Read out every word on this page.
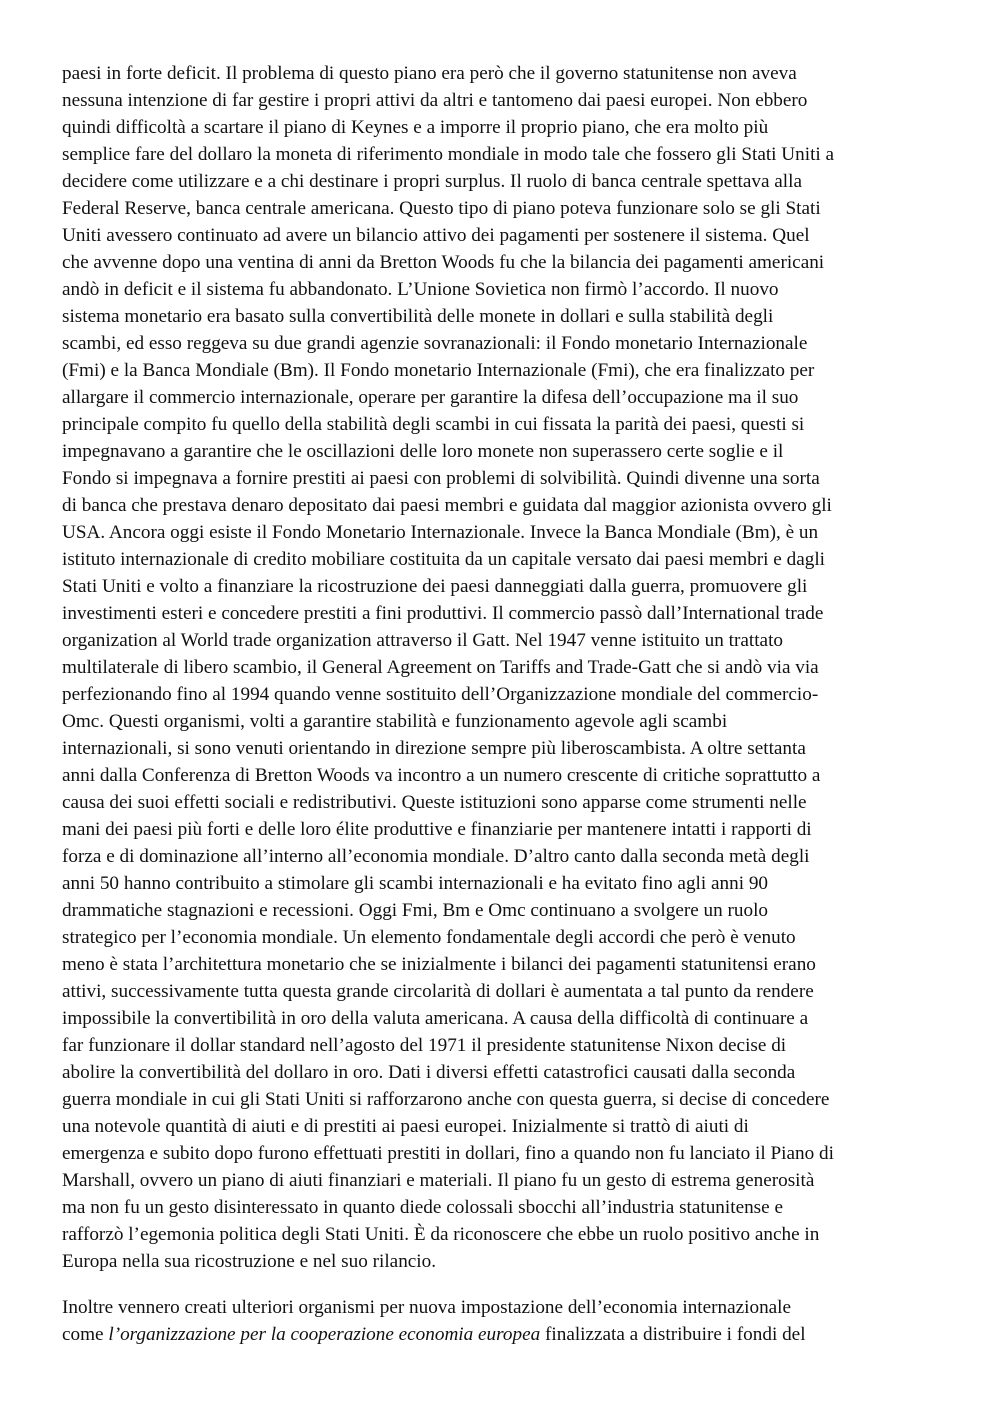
paesi in forte deficit. Il problema di questo piano era però che il governo statunitense non aveva
nessuna intenzione di far gestire i propri attivi da altri e tantomeno dai paesi europei. Non ebbero
quindi difficoltà a scartare il piano di Keynes e a imporre il proprio piano, che era molto più
semplice fare del dollaro la moneta di riferimento mondiale in modo tale che fossero gli Stati Uniti a
decidere come utilizzare e a chi destinare i propri surplus. Il ruolo di banca centrale spettava alla
Federal Reserve, banca centrale americana. Questo tipo di piano poteva funzionare solo se gli Stati
Uniti avessero continuato ad avere un bilancio attivo dei pagamenti per sostenere il sistema. Quel
che avvenne dopo una ventina di anni da Bretton Woods fu che la bilancia dei pagamenti americani
andò in deficit e il sistema fu abbandonato. L’Unione Sovietica non firmò l’accordo. Il nuovo
sistema monetario era basato sulla convertibilità delle monete in dollari e sulla stabilità degli
scambi, ed esso reggeva su due grandi agenzie sovranazionali: il Fondo monetario Internazionale
(Fmi) e la Banca Mondiale (Bm). Il Fondo monetario Internazionale (Fmi), che era finalizzato per
allargare il commercio internazionale, operare per garantire la difesa dell’occupazione ma il suo
principale compito fu quello della stabilità degli scambi in cui fissata la parità dei paesi, questi si
impegnavano a garantire che le oscillazioni delle loro monete non superassero certe soglie e il
Fondo si impegnava a fornire prestiti ai paesi con problemi di solvibilità. Quindi divenne una sorta
di banca che prestava denaro depositato dai paesi membri e guidata dal maggior azionista ovvero gli
USA. Ancora oggi esiste il Fondo Monetario Internazionale. Invece la Banca Mondiale (Bm), è un
istituto internazionale di credito mobiliare costituita da un capitale versato dai paesi membri e dagli
Stati Uniti e volto a finanziare la ricostruzione dei paesi danneggiati dalla guerra, promuovere gli
investimenti esteri e concedere prestiti a fini produttivi. Il commercio passò dall’International trade
organization al World trade organization attraverso il Gatt. Nel 1947 venne istituito un trattato
multilaterale di libero scambio, il General Agreement on Tariffs and Trade-Gatt che si andò via via
perfezionando fino al 1994 quando venne sostituito dell’Organizzazione mondiale del commercio-
Omc. Questi organismi, volti a garantire stabilità e funzionamento agevole agli scambi
internazionali, si sono venuti orientando in direzione sempre più liberoscambista. A oltre settanta
anni dalla Conferenza di Bretton Woods va incontro a un numero crescente di critiche soprattutto a
causa dei suoi effetti sociali e redistributivi. Queste istituzioni sono apparse come strumenti nelle
mani dei paesi più forti e delle loro élite produttive e finanziarie per mantenere intatti i rapporti di
forza e di dominazione all’interno all’economia mondiale. D’altro canto dalla seconda metà degli
anni 50 hanno contribuito a stimolare gli scambi internazionali e ha evitato fino agli anni 90
drammatiche stagnazioni e recessioni. Oggi Fmi, Bm e Omc continuano a svolgere un ruolo
strategico per l’economia mondiale. Un elemento fondamentale degli accordi che però è venuto
meno è stata l’architettura monetario che se inizialmente i bilanci dei pagamenti statunitensi erano
attivi, successivamente tutta questa grande circolarità di dollari è aumentata a tal punto da rendere
impossibile la convertibilità in oro della valuta americana. A causa della difficoltà di continuare a
far funzionare il dollar standard nell’agosto del 1971 il presidente statunitense Nixon decise di
abolire la convertibilità del dollaro in oro. Dati i diversi effetti catastrofici causati dalla seconda
guerra mondiale in cui gli Stati Uniti si rafforzarono anche con questa guerra, si decise di concedere
una notevole quantità di aiuti e di prestiti ai paesi europei. Inizialmente si trattò di aiuti di
emergenza e subito dopo furono effettuati prestiti in dollari, fino a quando non fu lanciato il Piano di
Marshall, ovvero un piano di aiuti finanziari e materiali. Il piano fu un gesto di estrema generosità
ma non fu un gesto disinteressato in quanto diede colossali sbocchi all’industria statunitense e
rafforzò l’egemonia politica degli Stati Uniti. È da riconoscere che ebbe un ruolo positivo anche in
Europa nella sua ricostruzione e nel suo rilancio.
Inoltre vennero creati ulteriori organismi per nuova impostazione dell’economia internazionale
come l’organizzazione per la cooperazione economia europea finalizzata a distribuire i fondi del
